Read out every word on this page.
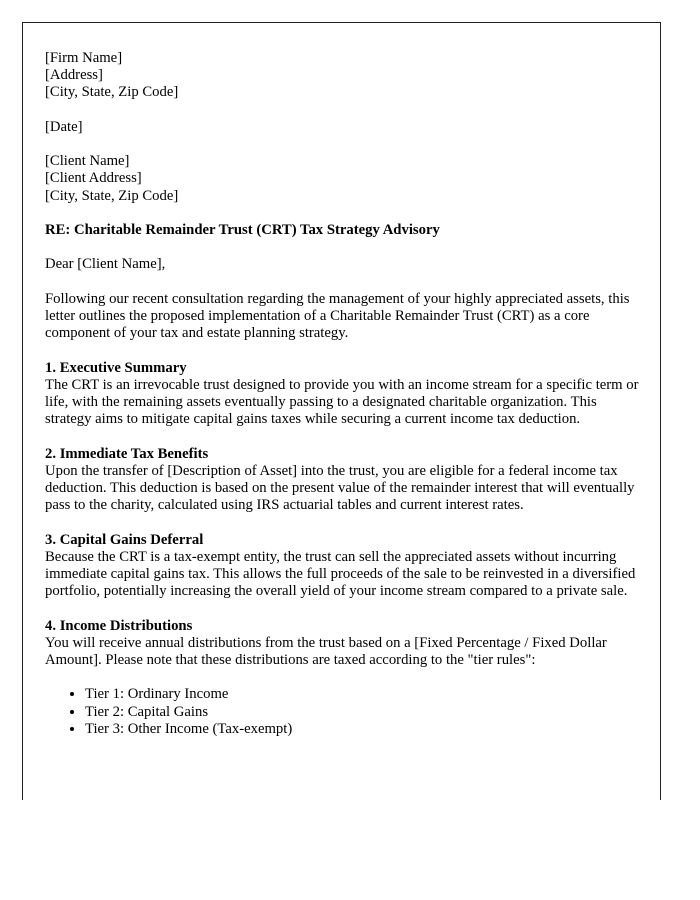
[Firm Name]
[Address]
[City, State, Zip Code]
[Date]
[Client Name]
[Client Address]
[City, State, Zip Code]

RE: Charitable Remainder Trust (CRT) Tax Strategy Advisory

Dear [Client Name],

Following our recent consultation regarding the management of your highly appreciated assets, this letter outlines the proposed implementation of a Charitable Remainder Trust (CRT) as a core component of your tax and estate planning strategy.

1. Executive Summary

The CRT is an irrevocable trust designed to provide you with an income stream for a specific term or life, with the remaining assets eventually passing to a designated charitable organization. This strategy aims to mitigate capital gains taxes while securing a current income tax deduction.

2. Immediate Tax Benefits

Upon the transfer of [Description of Asset] into the trust, you are eligible for a federal income tax deduction. This deduction is based on the present value of the remainder interest that will eventually pass to the charity, calculated using IRS actuarial tables and current interest rates.

3. Capital Gains Deferral

Because the CRT is a tax-exempt entity, the trust can sell the appreciated assets without incurring immediate capital gains tax. This allows the full proceeds of the sale to be reinvested in a diversified portfolio, potentially increasing the overall yield of your income stream compared to a private sale.

4. Income Distributions

You will receive annual distributions from the trust based on a [Fixed Percentage / Fixed Dollar Amount]. Please note that these distributions are taxed according to the "tier rules":

• Tier 1: Ordinary Income
• Tier 2: Capital Gains
• Tier 3: Other Income (Tax-exempt)
